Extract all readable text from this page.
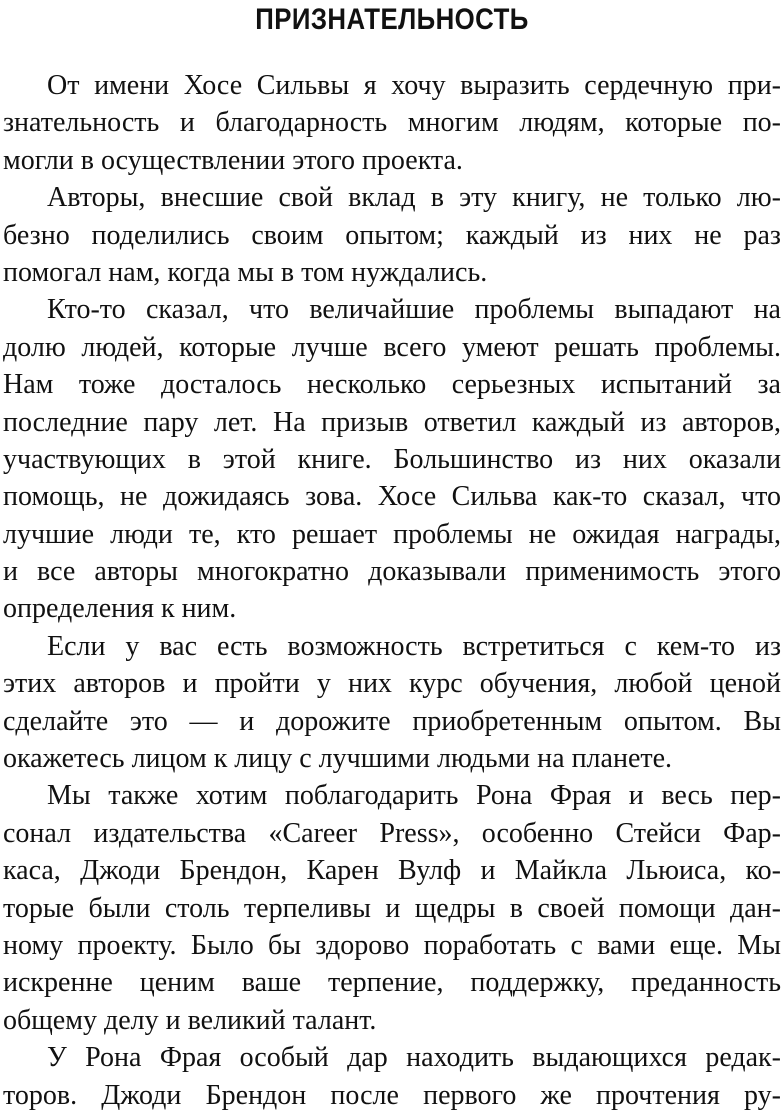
ПРИЗНАТЕЛЬНОСТЬ
От имени Хосе Сильвы я хочу выразить сердечную при-
знательность и благодарность многим людям, которые по-
могли в осуществлении этого проекта.
Авторы, внесшие свой вклад в эту книгу, не только лю-
безно поделились своим опытом; каждый из них не раз
помогал нам, когда мы в том нуждались.
Кто-то сказал, что величайшие проблемы выпадают на
долю людей, которые лучше всего умеют решать проблемы.
Нам тоже досталось несколько серьезных испытаний за
последние пару лет. На призыв ответил каждый из авторов,
участвующих в этой книге. Большинство из них оказали
помощь, не дожидаясь зова. Хосе Сильва как-то сказал, что
лучшие люди те, кто решает проблемы не ожидая награды,
и все авторы многократно доказывали применимость этого
определения к ним.
Если у вас есть возможность встретиться с кем-то из
этих авторов и пройти у них курс обучения, любой ценой
сделайте это — и дорожите приобретенным опытом. Вы
окажетесь лицом к лицу с лучшими людьми на планете.
Мы также хотим поблагодарить Рона Фрая и весь пер-
сонал издательства «Career Press», особенно Стейси Фар-
каса, Джоди Брендон, Карен Вулф и Майкла Льюиса, ко-
торые были столь терпеливы и щедры в своей помощи дан-
ному проекту. Было бы здорово поработать с вами еще. Мы
искренне ценим ваше терпение, поддержку, преданность
общему делу и великий талант.
У Рона Фрая особый дар находить выдающихся редак-
торов. Джоди Брендон после первого же прочтения ру-
